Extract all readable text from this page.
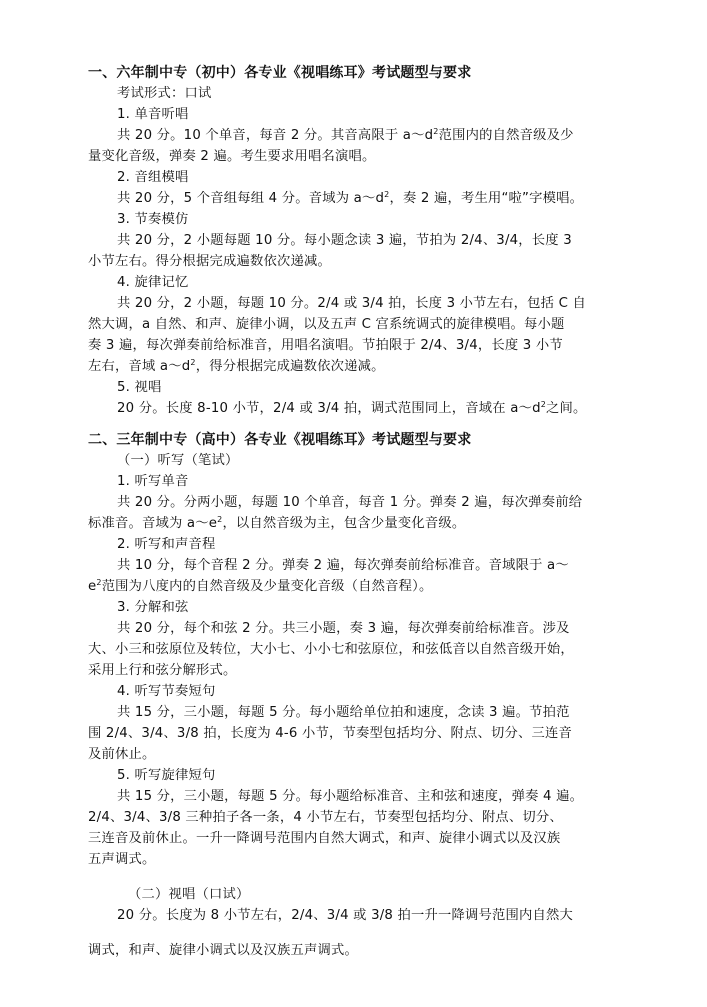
一、六年制中专（初中）各专业《视唱练耳》考试题型与要求
考试形式：口试
1. 单音听唱
共 20 分。10 个单音，每音 2 分。其音高限于 $a\sim d^2$范围内的自然音级及少
量变化音级，弹奏 2 遍。考生要求用唱名演唱。
2. 音组模唱
共 20 分，5 个音组每组 4 分。音域为 $a\sim d^2$，奏 2 遍，考生用“啦”字模唱。
3. 节奏模仿
共 20 分，2 小题每题 10 分。每小题念读 3 遍，节拍为 2/4、3/4，长度 3
小节左右。得分根据完成遍数依次递减。
4. 旋律记忆
共 20 分，2 小题，每题 10 分。2/4 或 3/4 拍，长度 3 小节左右，包括 C 自
然大调，a 自然、和声、旋律小调，以及五声 C 宫系统调式的旋律模唱。每小题
奏 3 遍，每次弹奏前给标准音，用唱名演唱。节拍限于 2/4、3/4，长度 3 小节
左右，音域 $a\sim d^2$，得分根据完成遍数依次递减。
5. 视唱
20 分。长度 8-10 小节，2/4 或 3/4 拍，调式范围同上，音域在 $a\sim d^2$之间。
二、三年制中专（高中）各专业《视唱练耳》考试题型与要求
（一）听写（笔试）
1. 听写单音
共 20 分。分两小题，每题 10 个单音，每音 1 分。弹奏 2 遍，每次弹奏前给
标准音。音域为 $a\sim e^2$，以自然音级为主，包含少量变化音级。
2. 听写和声音程
共 10 分，每个音程 2 分。弹奏 2 遍，每次弹奏前给标准音。音域限于 a～
$e^2$范围为八度内的自然音级及少量变化音级（自然音程）。
3. 分解和弦
共 20 分，每个和弦 2 分。共三小题，奏 3 遍，每次弹奏前给标准音。涉及
大、小三和弦原位及转位，大小七、小小七和弦原位，和弦低音以自然音级开始，
采用上行和弦分解形式。
4. 听写节奏短句
共 15 分，三小题，每题 5 分。每小题给单位拍和速度，念读 3 遍。节拍范
围 2/4、3/4、3/8 拍，长度为 4-6 小节，节奏型包括均分、附点、切分、三连音
及前休止。
5. 听写旋律短句
共 15 分，三小题，每题 5 分。每小题给标准音、主和弦和速度，弹奏 4 遍。
2/4、3/4、3/8 三种拍子各一条，4 小节左右，节奏型包括均分、附点、切分、
三连音及前休止。一升一降调号范围内自然大调式，和声、旋律小调式以及汉族
五声调式。
（二）视唱（口试）
20 分。长度为 8 小节左右，2/4、3/4 或 3/8 拍一升一降调号范围内自然大
调式，和声、旋律小调式以及汉族五声调式。
